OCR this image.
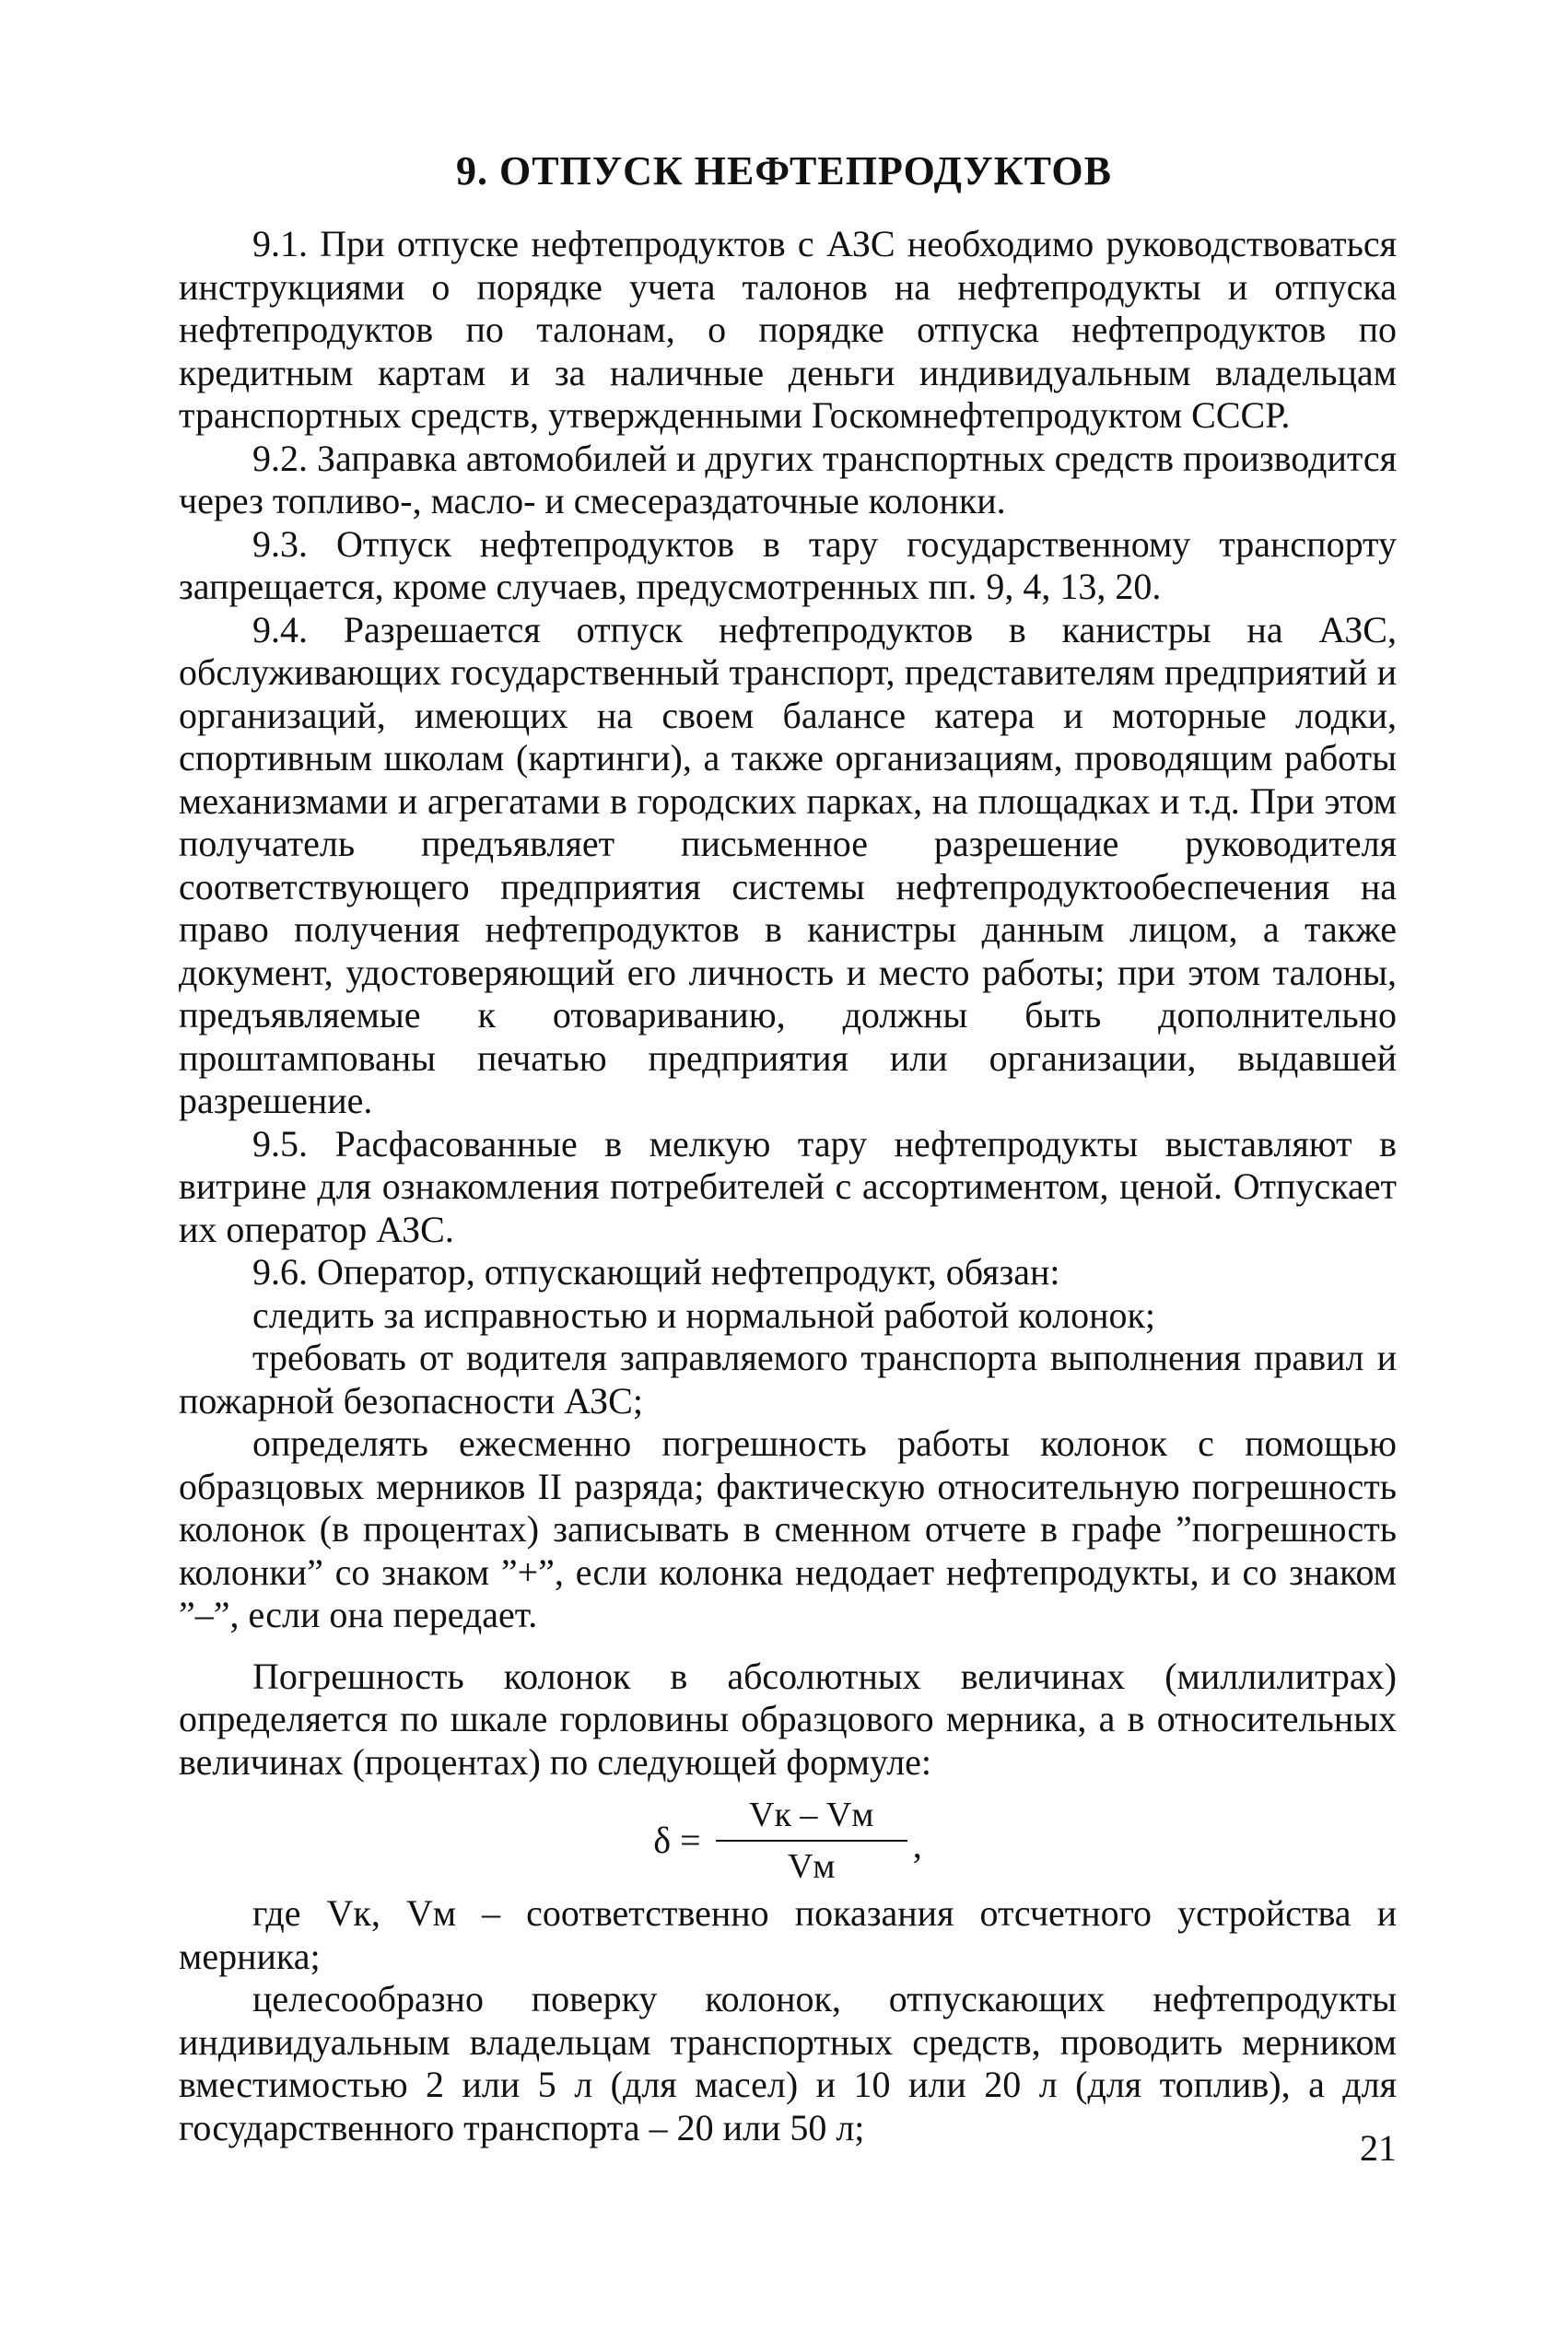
9. ОТПУСК НЕФТЕПРОДУКТОВ

9.1. При отпуске нефтепродуктов с АЗС необходимо руководствоваться инструкциями о порядке учета талонов на нефтепродукты и отпуска нефтепродуктов по талонам, о порядке отпуска нефтепродуктов по кредитным картам и за наличные деньги индивидуальным владельцам транспортных средств, утвержденными Госкомнефтепродуктом СССР.

9.2. Заправка автомобилей и других транспортных средств производится через топливо-, масло- и смесераздаточные колонки.

9.3. Отпуск нефтепродуктов в тару государственному транспорту запрещается, кроме случаев, предусмотренных пп. 9, 4, 13, 20.

9.4. Разрешается отпуск нефтепродуктов в канистры на АЗС, обслуживающих государственный транспорт, представителям предприятий и организаций, имеющих на своем балансе катера и моторные лодки, спортивным школам (картинги), а также организациям, проводящим работы механизмами и агрегатами в городских парках, на площадках и т.д. При этом получатель предъявляет письменное разрешение руководителя соответствующего предприятия системы нефтепродуктообеспечения на право получения нефтепродуктов в канистры данным лицом, а также документ, удостоверяющий его личность и место работы; при этом талоны, предъявляемые к отовариванию, должны быть дополнительно проштампованы печатью предприятия или организации, выдавшей разрешение.

9.5. Расфасованные в мелкую тару нефтепродукты выставляют в витрине для ознакомления потребителей с ассортиментом, ценой. Отпускает их оператор АЗС.

9.6. Оператор, отпускающий нефтепродукт, обязан:

следить за исправностью и нормальной работой колонок;

требовать от водителя заправляемого транспорта выполнения правил и пожарной безопасности АЗС;

определять ежесменно погрешность работы колонок с помощью образцовых мерников II разряда; фактическую относительную погрешность колонок (в процентах) записывать в сменном отчете в графе ”погрешность колонки” со знаком ”+”, если колонка недодает нефтепродукты, и со знаком ”–”, если она передает.

Погрешность колонок в абсолютных величинах (миллилитрах) определяется по шкале горловины образцового мерника, а в относительных величинах (процентах) по следующей формуле:

$\delta = \frac{Vк - Vм}{Vм}$ ,

где Vк, Vм – соответственно показания отсчетного устройства и мерника;

целесообразно поверку колонок, отпускающих нефтепродукты индивидуальным владельцам транспортных средств, проводить мерником вместимостью 2 или 5 л (для масел) и 10 или 20 л (для топлив), а для государственного транспорта – 20 или 50 л;	21
